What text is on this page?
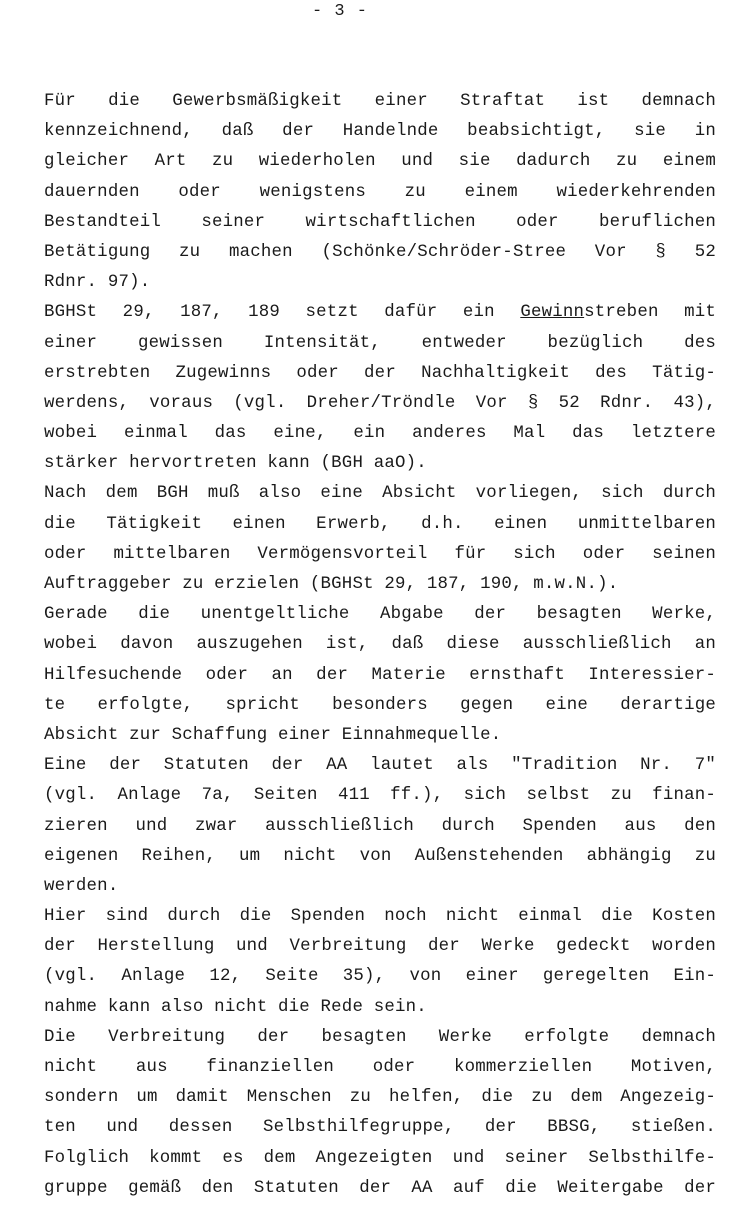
- 3 -
Für die Gewerbsmäßigkeit einer Straftat ist demnach
kennzeichnend, daß der Handelnde beabsichtigt, sie in
gleicher Art zu wiederholen und sie dadurch zu einem
dauernden oder wenigstens zu einem wiederkehrenden
Bestandteil seiner wirtschaftlichen oder beruflichen
Betätigung zu machen (Schönke/Schröder-Stree Vor § 52
Rdnr. 97).
BGHSt 29, 187, 189 setzt dafür ein Gewinnstreben mit
einer gewissen Intensität, entweder bezüglich des
erstrebten Zugewinns oder der Nachhaltigkeit des Tätig-
werdens, voraus (vgl. Dreher/Tröndle Vor § 52 Rdnr. 43),
wobei einmal das eine, ein anderes Mal das letztere
stärker hervortreten kann (BGH aaO).
Nach dem BGH muß also eine Absicht vorliegen, sich durch
die Tätigkeit einen Erwerb, d.h. einen unmittelbaren
oder mittelbaren Vermögensvorteil für sich oder seinen
Auftraggeber zu erzielen (BGHSt 29, 187, 190, m.w.N.).
Gerade die unentgeltliche Abgabe der besagten Werke,
wobei davon auszugehen ist, daß diese ausschließlich an
Hilfesuchende oder an der Materie ernsthaft Interessier-
te erfolgte, spricht besonders gegen eine derartige
Absicht zur Schaffung einer Einnahmequelle.
Eine der Statuten der AA lautet als "Tradition Nr. 7"
(vgl. Anlage 7a, Seiten 411 ff.), sich selbst zu finan-
zieren und zwar ausschließlich durch Spenden aus den
eigenen Reihen, um nicht von Außenstehenden abhängig zu
werden.
Hier sind durch die Spenden noch nicht einmal die Kosten
der Herstellung und Verbreitung der Werke gedeckt worden
(vgl. Anlage 12, Seite 35), von einer geregelten Ein-
nahme kann also nicht die Rede sein.
Die Verbreitung der besagten Werke erfolgte demnach
nicht aus finanziellen oder kommerziellen Motiven,
sondern um damit Menschen zu helfen, die zu dem Angezeig-
ten und dessen Selbsthilfegruppe, der BBSG, stießen.
Folglich kommt es dem Angezeigten und seiner Selbsthilfe-
gruppe gemäß den Statuten der AA auf die Weitergabe der
